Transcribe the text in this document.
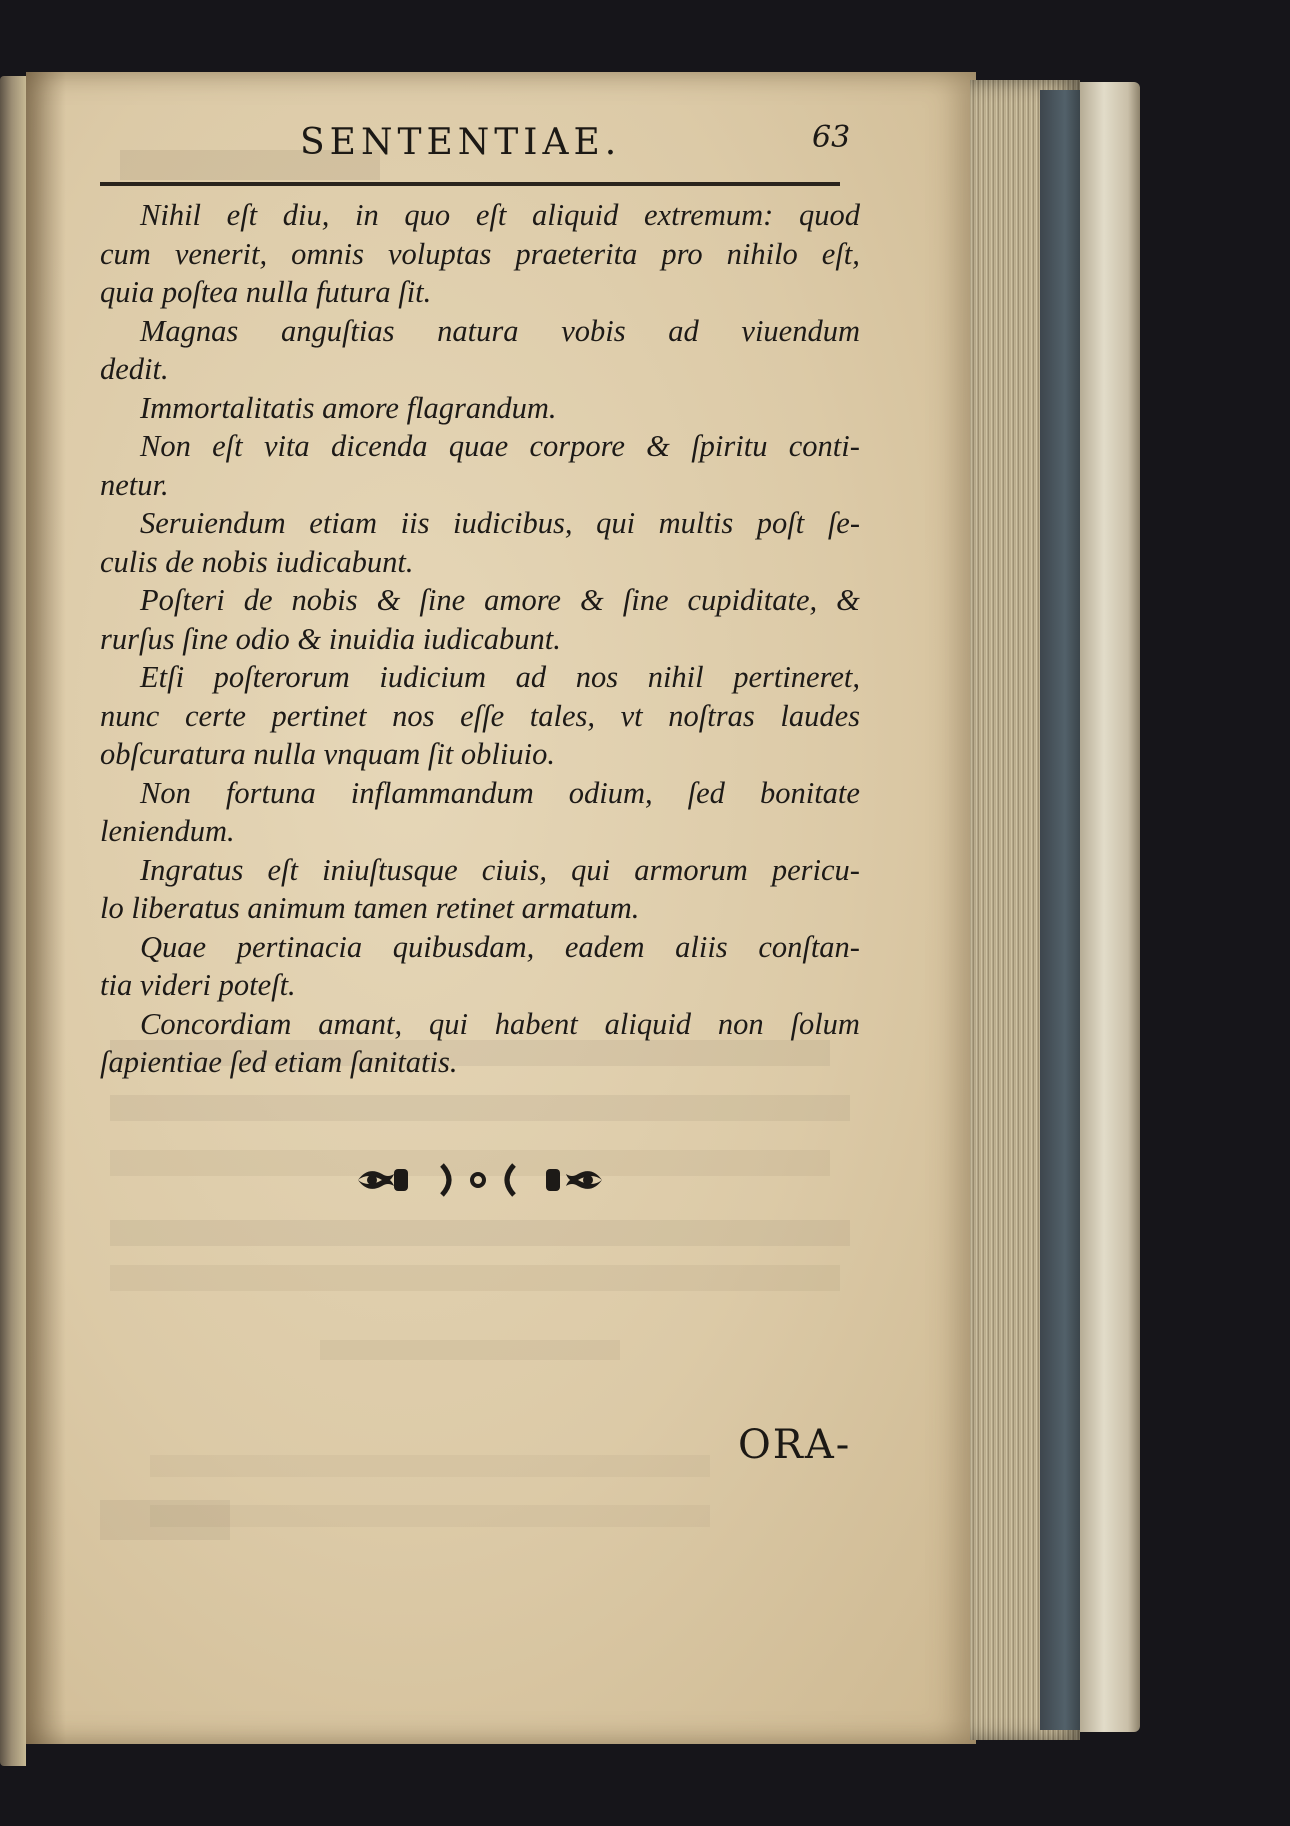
SENTENTIAE.	63
Nihil eſt diu, in quo eſt aliquid extremum: quod
cum venerit, omnis voluptas praeterita pro nihilo eſt,
quia poſtea nulla futura ſit.
Magnas anguſtias natura vobis ad viuendum
dedit.
Immortalitatis amore flagrandum.
Non eſt vita dicenda quae corpore & ſpiritu conti-
netur.
Seruiendum etiam iis iudicibus, qui multis poſt ſe-
culis de nobis iudicabunt.
Poſteri de nobis & ſine amore & ſine cupiditate, &
rurſus ſine odio & inuidia iudicabunt.
Etſi poſterorum iudicium ad nos nihil pertineret,
nunc certe pertinet nos eſſe tales, vt noſtras laudes
obſcuratura nulla vnquam ſit obliuio.
Non fortuna inflammandum odium, ſed bonitate
leniendum.
Ingratus eſt iniuſtusque ciuis, qui armorum pericu-
lo liberatus animum tamen retinet armatum.
Quae pertinacia quibusdam, eadem aliis conſtan-
tia videri poteſt.
Concordiam amant, qui habent aliquid non ſolum
ſapientiae ſed etiam ſanitatis.
ORA-
